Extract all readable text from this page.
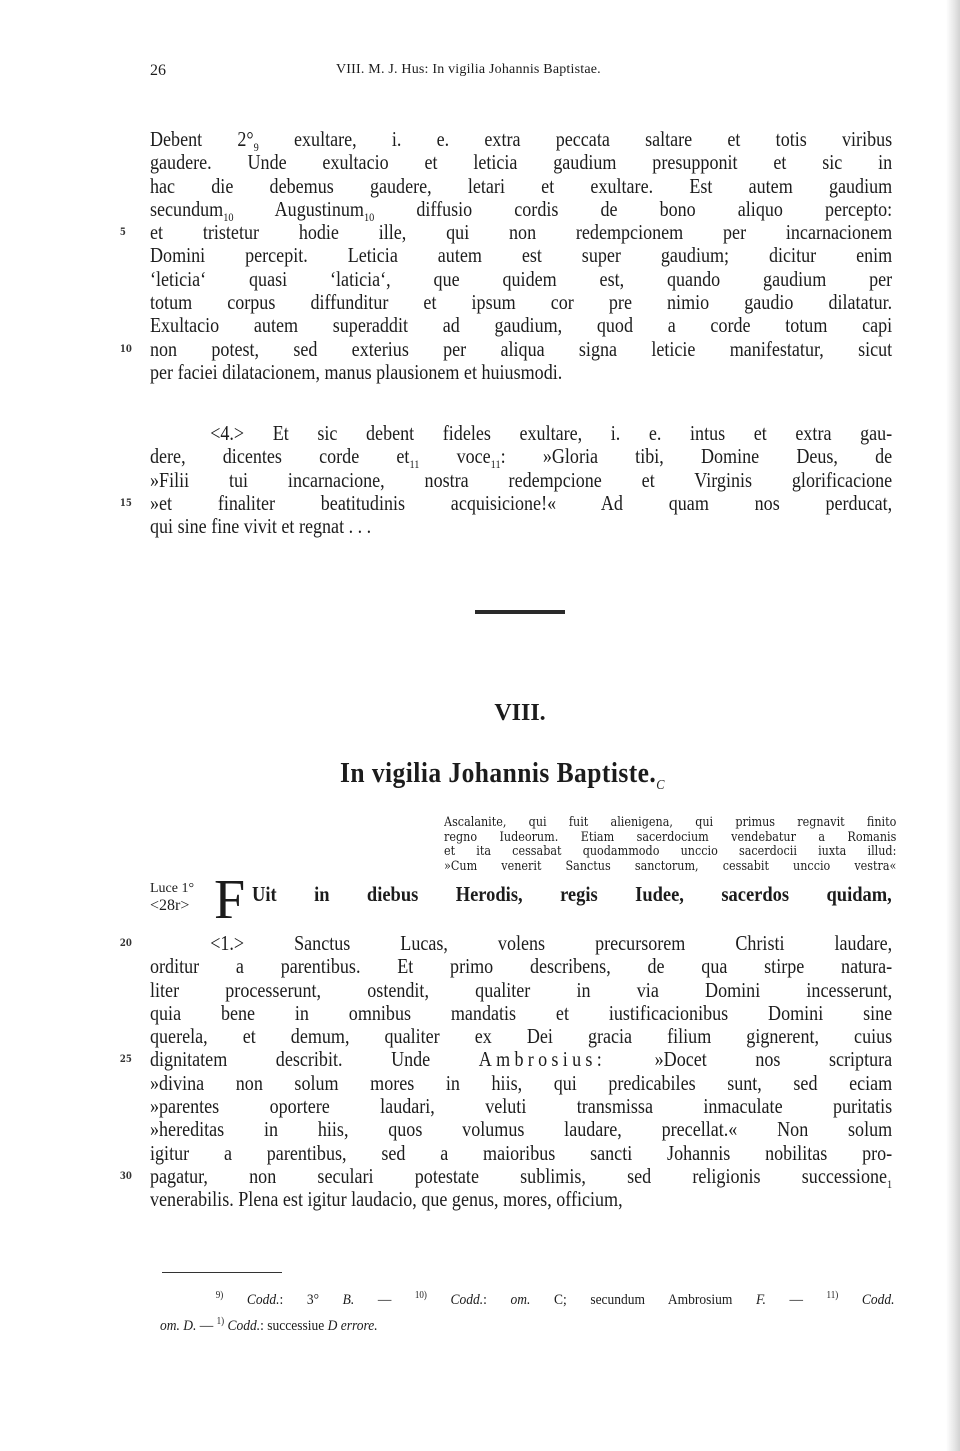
26	VIII. M. J. Hus: In vigilia Johannis Baptistae.
Debent $2^\circ_9$ exultare, i. e. extra peccata saltare et totis viribus
gaudere. Unde exultacio et leticia gaudium presupponit et sic in
hac die debemus gaudere, letari et exultare. Est autem gaudium
secundum$_{10}$ Augustinum$_{10}$ diffusio cordis de bono aliquo percepto:
5 et tristetur hodie ille, qui non redempcionem per incarnacionem
Domini percepit. Leticia autem est super gaudium; dicitur enim
‘leticia‘ quasi ‘laticia‘, que quidem est, quando gaudium per
totum corpus diffunditur et ipsum cor pre nimio gaudio dilatatur.
Exultacio autem superaddit ad gaudium, quod a corde totum capi
10 non potest, sed exterius per aliqua signa leticie manifestatur, sicut
per faciei dilatacionem, manus plausionem et huiusmodi.
<4.> Et sic debent fideles exultare, i. e. intus et extra gau-
dere, dicentes corde $et_{11}$ voce$_{11}$: »Gloria tibi, Domine Deus, de
»Filii tui incarnacione, nostra redempcione et Virginis glorificacione
15 »et finaliter beatitudinis acquisicione!« Ad quam nos perducat,
qui sine fine vivit et regnat . . .
VIII.
In vigilia Johannis $Baptiste._C$
Ascalanite, qui fuit alienigena, qui primus regnavit finito
regno Iudeorum. Etiam sacerdocium vendebatur a Romanis
et ita cessabat quodammodo unccio sacerdocii iuxta illud:
»Cum venerit Sanctus sanctorum, cessabit unccio vestra«
Luce 1°
<28r> F Uit in diebus Herodis, regis Iudee, sacerdos quidam,
20	<1.> Sanctus Lucas, volens precursorem Christi laudare,
orditur a parentibus. Et primo describens, de qua stirpe natura-
liter processerunt, ostendit, qualiter in via Domini incesserunt,
quia bene in omnibus mandatis et iustificacionibus Domini sine
querela, et demum, qualiter ex Dei gracia filium gignerent, cuius
25 dignitatem describit. Unde Ambrosius: »Docet nos scriptura
»divina non solum mores in hiis, qui predicabiles sunt, sed eciam
»parentes oportere laudari, veluti transmissa inmaculate puritatis
»hereditas in hiis, quos volumus laudare, precellat.« Non solum
igitur a parentibus, sed a maioribus sancti Johannis nobilitas pro-
30 pagatur, non seculari potestate sublimis, sed religionis successione$_1$
venerabilis. Plena est igitur laudacio, que genus, mores, officium,
$^{9)}$ Codd.: 3° B. — $^{10)}$ Codd.: om. C; secundum Ambrosium F. — $^{11)}$ Codd.
om. D. — $^{1)}$ Codd.: successiue D errore.
